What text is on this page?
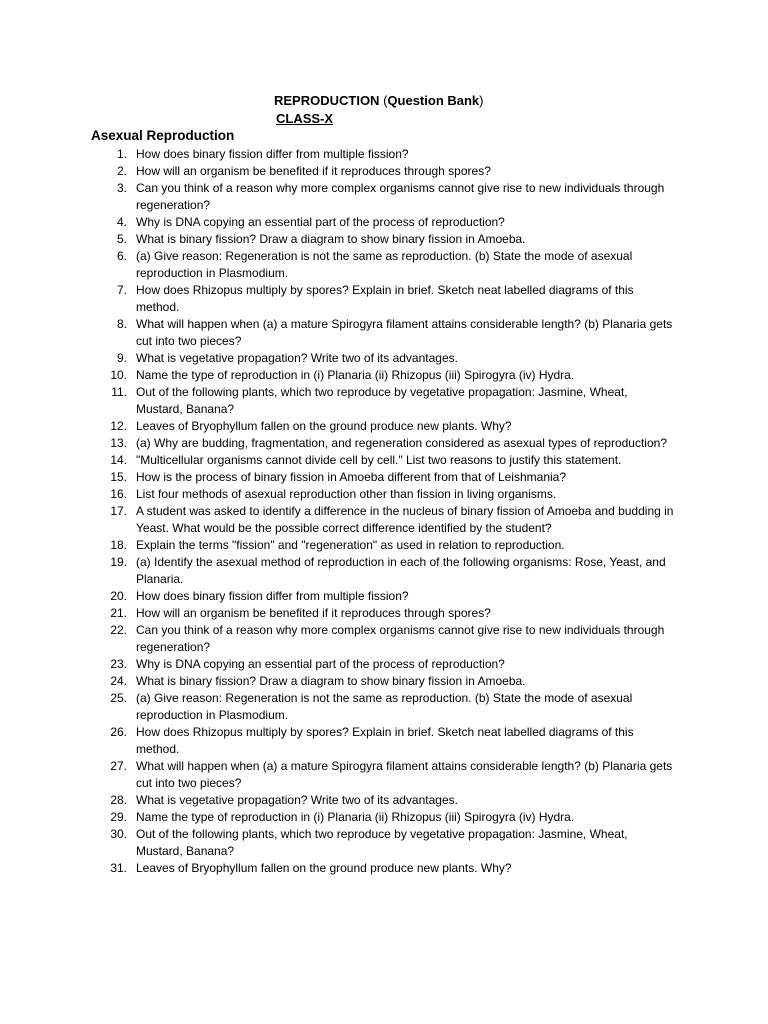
REPRODUCTION (Question Bank)
CLASS-X
Asexual Reproduction
1. How does binary fission differ from multiple fission?
2. How will an organism be benefited if it reproduces through spores?
3. Can you think of a reason why more complex organisms cannot give rise to new individuals through regeneration?
4. Why is DNA copying an essential part of the process of reproduction?
5. What is binary fission? Draw a diagram to show binary fission in Amoeba.
6. (a) Give reason: Regeneration is not the same as reproduction. (b) State the mode of asexual reproduction in Plasmodium.
7. How does Rhizopus multiply by spores? Explain in brief. Sketch neat labelled diagrams of this method.
8. What will happen when (a) a mature Spirogyra filament attains considerable length? (b) Planaria gets cut into two pieces?
9. What is vegetative propagation? Write two of its advantages.
10. Name the type of reproduction in (i) Planaria (ii) Rhizopus (iii) Spirogyra (iv) Hydra.
11. Out of the following plants, which two reproduce by vegetative propagation: Jasmine, Wheat, Mustard, Banana?
12. Leaves of Bryophyllum fallen on the ground produce new plants. Why?
13. (a) Why are budding, fragmentation, and regeneration considered as asexual types of reproduction?
14. "Multicellular organisms cannot divide cell by cell." List two reasons to justify this statement.
15. How is the process of binary fission in Amoeba different from that of Leishmania?
16. List four methods of asexual reproduction other than fission in living organisms.
17. A student was asked to identify a difference in the nucleus of binary fission of Amoeba and budding in Yeast. What would be the possible correct difference identified by the student?
18. Explain the terms "fission" and "regeneration" as used in relation to reproduction.
19. (a) Identify the asexual method of reproduction in each of the following organisms: Rose, Yeast, and Planaria.
20. How does binary fission differ from multiple fission?
21. How will an organism be benefited if it reproduces through spores?
22. Can you think of a reason why more complex organisms cannot give rise to new individuals through regeneration?
23. Why is DNA copying an essential part of the process of reproduction?
24. What is binary fission? Draw a diagram to show binary fission in Amoeba.
25. (a) Give reason: Regeneration is not the same as reproduction. (b) State the mode of asexual reproduction in Plasmodium.
26. How does Rhizopus multiply by spores? Explain in brief. Sketch neat labelled diagrams of this method.
27. What will happen when (a) a mature Spirogyra filament attains considerable length? (b) Planaria gets cut into two pieces?
28. What is vegetative propagation? Write two of its advantages.
29. Name the type of reproduction in (i) Planaria (ii) Rhizopus (iii) Spirogyra (iv) Hydra.
30. Out of the following plants, which two reproduce by vegetative propagation: Jasmine, Wheat, Mustard, Banana?
31. Leaves of Bryophyllum fallen on the ground produce new plants. Why?
